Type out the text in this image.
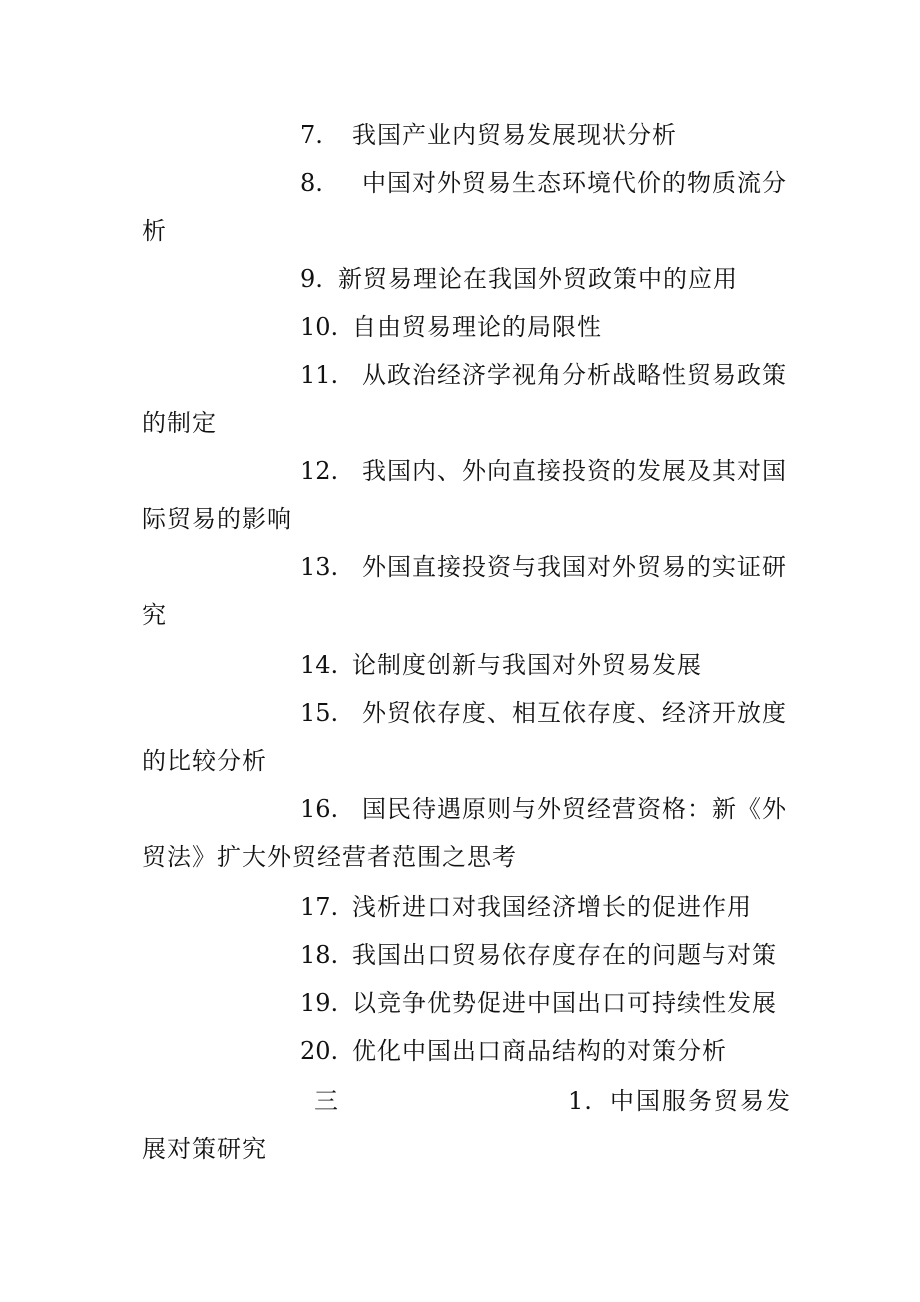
7. 我国产业内贸易发展现状分析
8. 中国对外贸易生态环境代价的物质流分
析
9. 新贸易理论在我国外贸政策中的应用
10. 自由贸易理论的局限性
11. 从政治经济学视角分析战略性贸易政策
的制定
12. 我国内、外向直接投资的发展及其对国
际贸易的影响
13. 外国直接投资与我国对外贸易的实证研
究
14. 论制度创新与我国对外贸易发展
15. 外贸依存度、相互依存度、经济开放度
的比较分析
16. 国民待遇原则与外贸经营资格：新《外
贸法》扩大外贸经营者范围之思考
17. 浅析进口对我国经济增长的促进作用
18. 我国出口贸易依存度存在的问题与对策
19. 以竞争优势促进中国出口可持续性发展
20. 优化中国出口商品结构的对策分析
三	1. 中国服务贸易发
展对策研究
